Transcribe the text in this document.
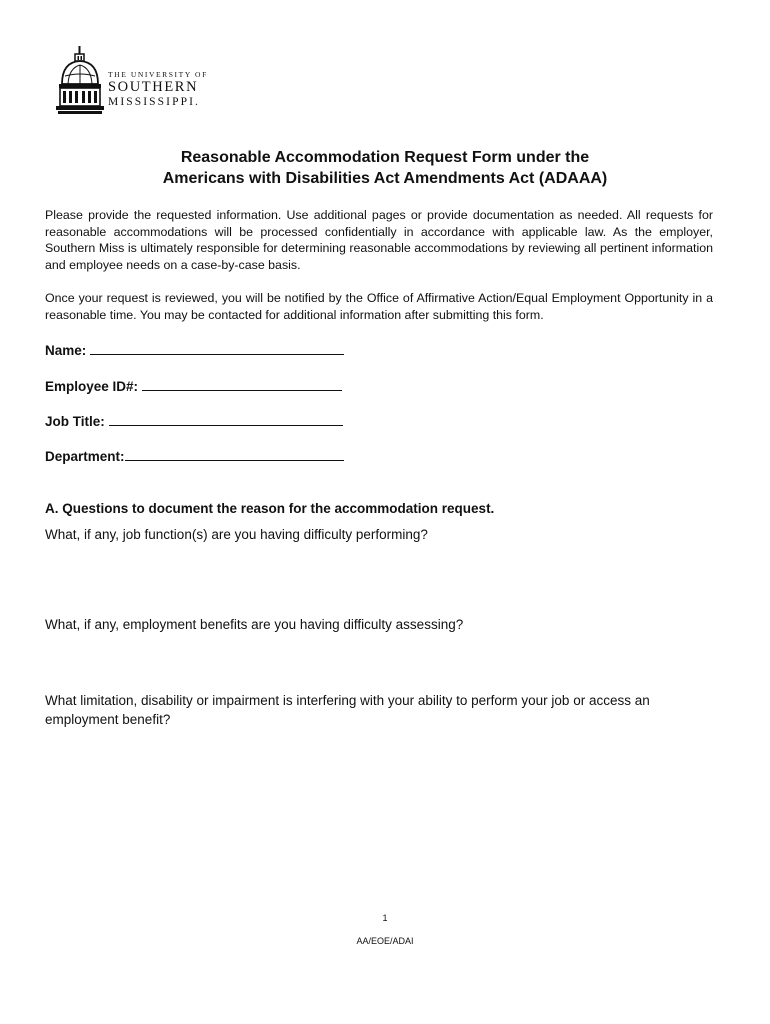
THE UNIVERSITY OF
SOUTHERN
MISSISSIPPI.
Reasonable Accommodation Request Form under the
Americans with Disabilities Act Amendments Act (ADAAA)

Please provide the requested information. Use additional pages or provide documentation as needed. All requests for reasonable accommodations will be processed confidentially in accordance with applicable law. As the employer, Southern Miss is ultimately responsible for determining reasonable accommodations by reviewing all pertinent information and employee needs on a case-by-case basis.

Once your request is reviewed, you will be notified by the Office of Affirmative Action/Equal Employment Opportunity in a reasonable time. You may be contacted for additional information after submitting this form.

Name:
Employee ID#:
Job Title:
Department:
A. Questions to document the reason for the accommodation request.

What, if any, job function(s) are you having difficulty performing?

What, if any, employment benefits are you having difficulty assessing?

What limitation, disability or impairment is interfering with your ability to perform your job or access an employment benefit?

1
AA/EOE/ADAI
